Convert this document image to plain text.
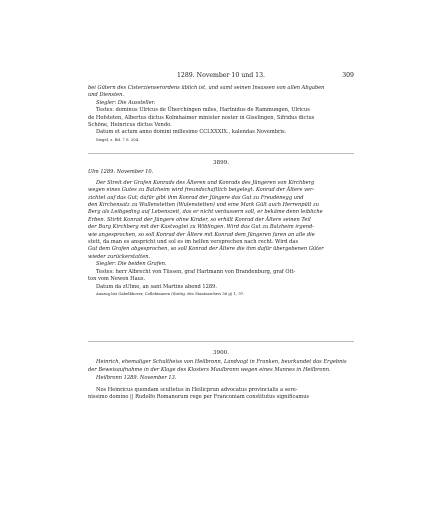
1289. November 10 und 13.	309

bei Gütern des Cisterzienserordens üblich ist, und samt seinen Insassen von allen Abgaben

und Diensten.

Siegler: Die Aussteller.

Testes: dominus Ulricus de Überchingen miles, Hartnidus de Rammungen, Ulricus

de Hofsteten, Albertus dictus Kolmhaimer minister noster in Giselingen, Sifridus dictus

Schöne, Heinricus dictus Vendo.

Datum et actum anno domini millesimo CCLXXXIX., kalendas Novembris.

Siegel, s. Bd. 7 S. 204.

3899.

Ulm 1289. November 10.

Der Streit der Grafen Konrads des Älteren und Konrads des Jüngeren von Kirchberg

wegen eines Gutes zu Balzheim wird freundschaftlich beigelegt. Konrad der Ältere ver-

zichtet auf das Gut; dafür gibt ihm Konrad der Jüngere das Gut zu Freudenegg und

den Kirchensatz zu Wullenstetten (Wulenstetten) und eine Mark Gült auch Herrenpült zu

Berg als Leibgeding auf Lebenszeit, das er nicht veräussern soll, er bekäme denn leibliche

Erben. Stirbt Konrad der Jüngere ohne Kinder, so erhält Konrad der Ältere seinen Teil

der Burg Kirchberg mit der Kastvogtei zu Wiblingen. Wird das Gut zu Balzheim irgend-

wie angesprochen, so soll Konrad der Ältere mit Konrad dem Jüngeren faren an alle die

stett, da man es anspricht und sol es im helfen versprechen nach recht. Wird das

Gut dem Grafen abgesprochen, so soll Konrad der Ältere die ihm dafür übergebenen Güter

wieder zurückerstatten.

Siegler: Die beiden Grafen.

Testes: herr Albrecht von Tüssen, graf Hartmann von Brandenburg, graf Ott-

ton vom Newen Haus.

Datum da zUlme, an sant Martins abend 1289.

Auszug bei Gabelkhover, Collektaneen (Stuttg. des Staatsarchivs 56 g) 1, 97.

3900.

Heinrich, ehemaliger Schultheiss von Heilbronn, Landvogt in Franken, beurkundet das Ergebnis

der Beweisaufnahme in der Klage des Klosters Maulbronn wegen eines Mannes in Heilbronn.

Heilbronn 1289. November 13.

Nos Heinricus quondam scultetus in Heilicprun advocatus provincialis a sere-

nissimo domino || Rudolfo Romanorum rege per Franconiam constitutus significamus
